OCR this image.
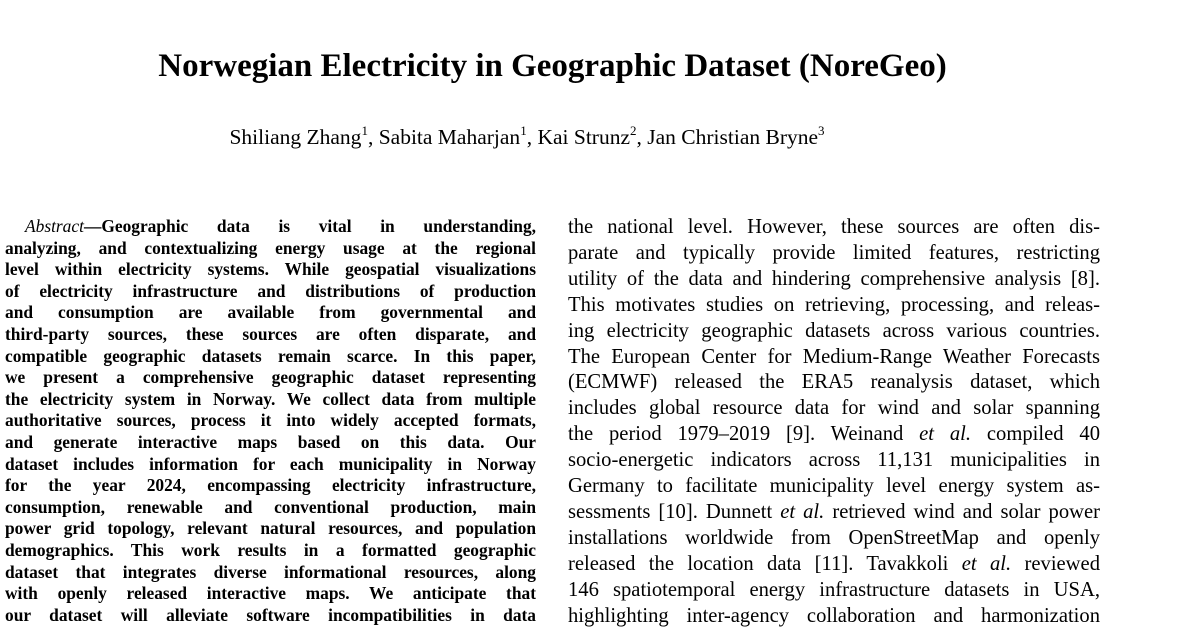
Norwegian Electricity in Geographic Dataset (NoreGeo)
Shiliang Zhang$^1$, Sabita Maharjan$^1$, Kai Strunz$^2$, Jan Christian Bryne$^3$
Abstract—Geographic data is vital in understanding,
analyzing, and contextualizing energy usage at the regional
level within electricity systems. While geospatial visualizations
of electricity infrastructure and distributions of production
and consumption are available from governmental and
third-party sources, these sources are often disparate, and
compatible geographic datasets remain scarce. In this paper,
we present a comprehensive geographic dataset representing
the electricity system in Norway. We collect data from multiple
authoritative sources, process it into widely accepted formats,
and generate interactive maps based on this data. Our
dataset includes information for each municipality in Norway
for the year 2024, encompassing electricity infrastructure,
consumption, renewable and conventional production, main
power grid topology, relevant natural resources, and population
demographics. This work results in a formatted geographic
dataset that integrates diverse informational resources, along
with openly released interactive maps. We anticipate that
our dataset will alleviate software incompatibilities in data
the national level. However, these sources are often dis-
parate and typically provide limited features, restricting
utility of the data and hindering comprehensive analysis [8].
This motivates studies on retrieving, processing, and releas-
ing electricity geographic datasets across various countries.
The European Center for Medium-Range Weather Forecasts
(ECMWF) released the ERA5 reanalysis dataset, which
includes global resource data for wind and solar spanning
the period 1979–2019 [9]. Weinand et al. compiled 40
socio-energetic indicators across 11,131 municipalities in
Germany to facilitate municipality level energy system as-
sessments [10]. Dunnett et al. retrieved wind and solar power
installations worldwide from OpenStreetMap and openly
released the location data [11]. Tavakkoli et al. reviewed
146 spatiotemporal energy infrastructure datasets in USA,
highlighting inter-agency collaboration and harmonization
